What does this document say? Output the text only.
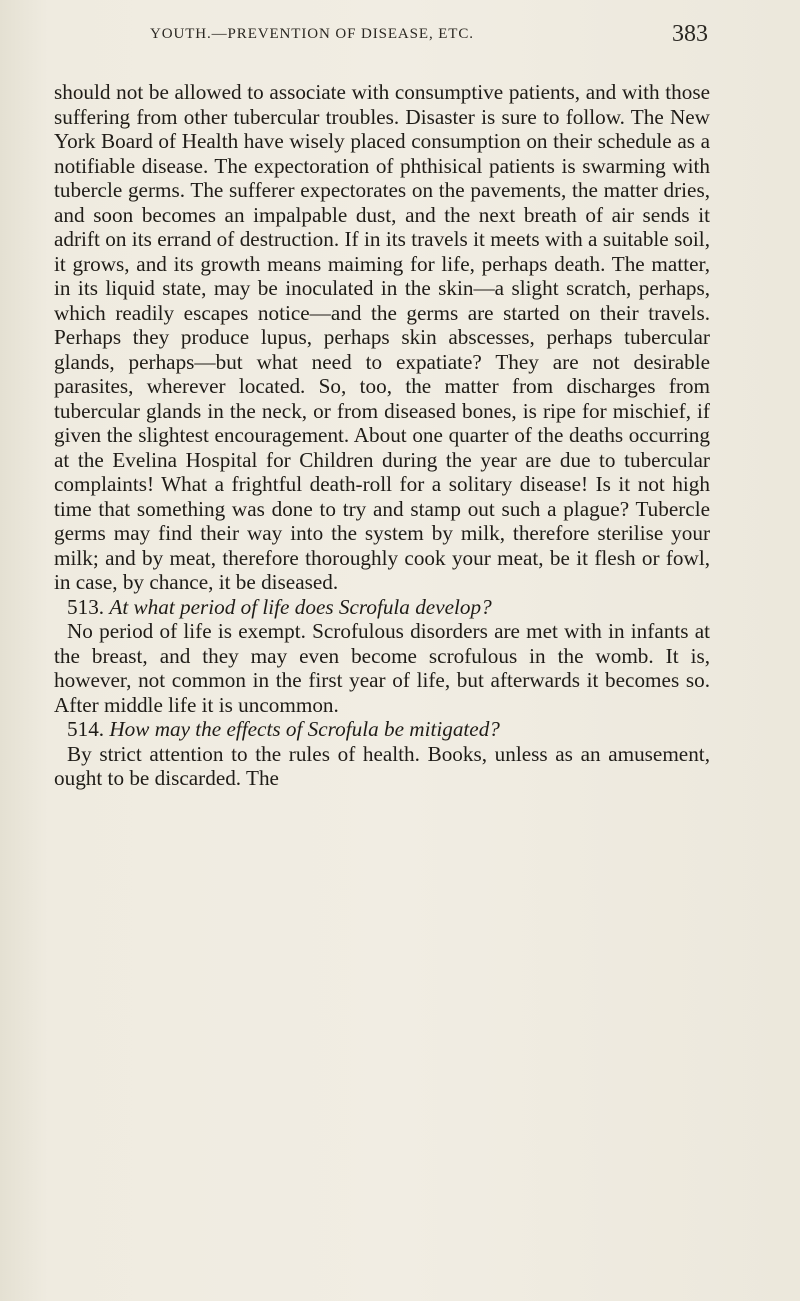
YOUTH.—PREVENTION OF DISEASE, ETC.	383

should not be allowed to associate with consumptive patients, and with those suffering from other tubercular troubles. Disaster is sure to follow. The New York Board of Health have wisely placed consumption on their schedule as a notifiable disease. The expectoration of phthisical patients is swarming with tubercle germs. The sufferer expectorates on the pavements, the matter dries, and soon becomes an impalpable dust, and the next breath of air sends it adrift on its errand of destruction. If in its travels it meets with a suitable soil, it grows, and its growth means maiming for life, perhaps death. The matter, in its liquid state, may be inoculated in the skin—a slight scratch, perhaps, which readily escapes notice—and the germs are started on their travels. Perhaps they produce lupus, perhaps skin abscesses, perhaps tubercular glands, perhaps—but what need to expatiate? They are not desirable parasites, wherever located. So, too, the matter from discharges from tubercular glands in the neck, or from diseased bones, is ripe for mischief, if given the slightest encouragement. About one quarter of the deaths occurring at the Evelina Hospital for Children during the year are due to tubercular complaints! What a frightful death-roll for a solitary disease! Is it not high time that something was done to try and stamp out such a plague? Tubercle germs may find their way into the system by milk, therefore sterilise your milk; and by meat, therefore thoroughly cook your meat, be it flesh or fowl, in case, by chance, it be diseased.

513. At what period of life does Scrofula develop?

No period of life is exempt. Scrofulous disorders are met with in infants at the breast, and they may even become scrofulous in the womb. It is, however, not common in the first year of life, but afterwards it becomes so. After middle life it is uncommon.

514. How may the effects of Scrofula be mitigated?

By strict attention to the rules of health. Books, unless as an amusement, ought to be discarded. The
